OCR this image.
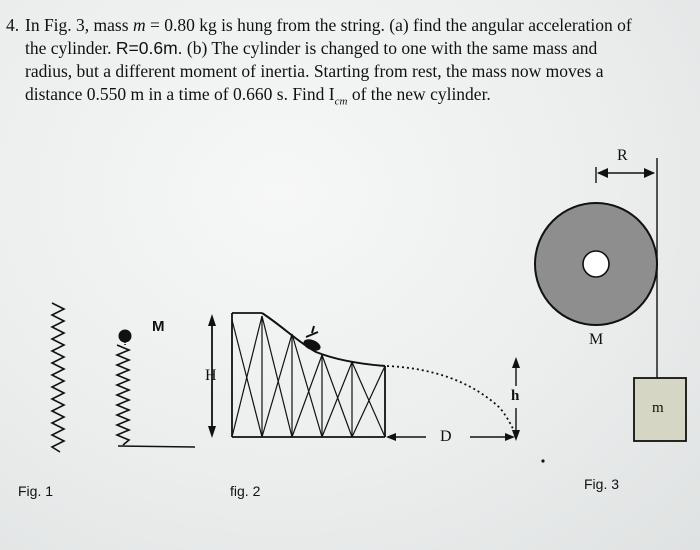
4. In Fig. 3, mass m = 0.80 kg is hung from the string. (a) find the angular acceleration of
the cylinder. R=0.6m. (b) The cylinder is changed to one with the same mass and
radius, but a different moment of inertia. Starting from rest, the mass now moves a
distance 0.550 m in a time of 0.660 s. Find $I_{cm}$ of the new cylinder.
M
H
D
h
R
M
m
Fig. 1	fig. 2	Fig. 3
